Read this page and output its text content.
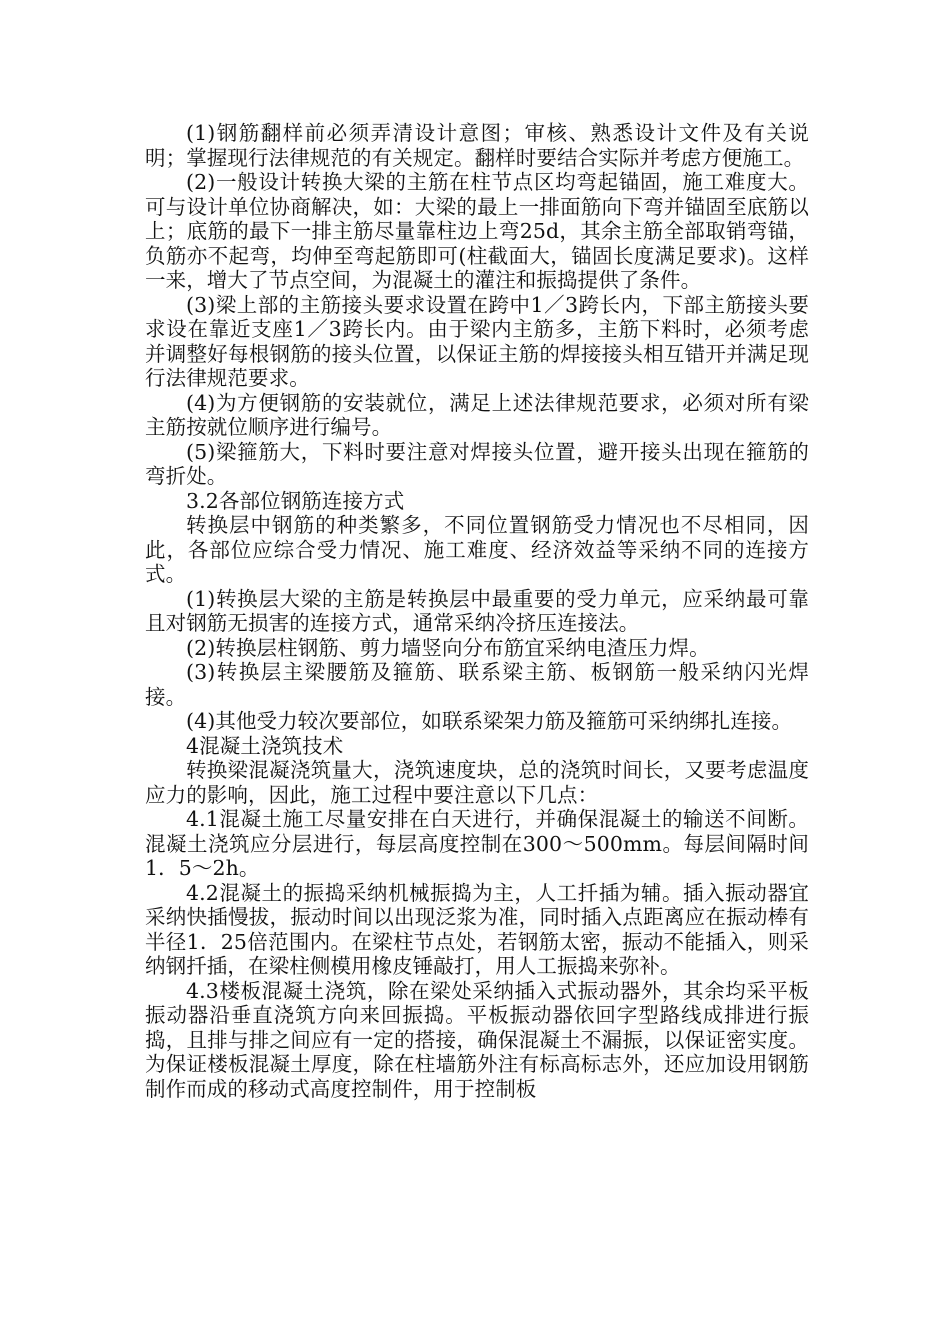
(1)钢筋翻样前必须弄清设计意图；审核、熟悉设计文件及有关说明；掌握现行法律规范的有关规定。翻样时要结合实际并考虑方便施工。

(2)一般设计转换大梁的主筋在柱节点区均弯起锚固，施工难度大。可与设计单位协商解决，如：大梁的最上一排面筋向下弯并锚固至底筋以上；底筋的最下一排主筋尽量靠柱边上弯25d，其余主筋全部取销弯锚，负筋亦不起弯，均伸至弯起筋即可(柱截面大，锚固长度满足要求)。这样一来，增大了节点空间，为混凝土的灌注和振捣提供了条件。

(3)梁上部的主筋接头要求设置在跨中1／3跨长内，下部主筋接头要求设在靠近支座1／3跨长内。由于梁内主筋多，主筋下料时，必须考虑并调整好每根钢筋的接头位置，以保证主筋的焊接接头相互错开并满足现行法律规范要求。

(4)为方便钢筋的安装就位，满足上述法律规范要求，必须对所有梁主筋按就位顺序进行编号。

(5)梁箍筋大，下料时要注意对焊接头位置，避开接头出现在箍筋的弯折处。

3.2各部位钢筋连接方式

转换层中钢筋的种类繁多，不同位置钢筋受力情况也不尽相同，因此，各部位应综合受力情况、施工难度、经济效益等采纳不同的连接方式。

(1)转换层大梁的主筋是转换层中最重要的受力单元，应采纳最可靠且对钢筋无损害的连接方式，通常采纳冷挤压连接法。

(2)转换层柱钢筋、剪力墙竖向分布筋宜采纳电渣压力焊。

(3)转换层主梁腰筋及箍筋、联系梁主筋、板钢筋一般采纳闪光焊接。

(4)其他受力较次要部位，如联系梁架力筋及箍筋可采纳绑扎连接。

4混凝土浇筑技术

转换梁混凝浇筑量大，浇筑速度块，总的浇筑时间长，又要考虑温度应力的影响，因此，施工过程中要注意以下几点：

4.1混凝土施工尽量安排在白天进行，并确保混凝土的输送不间断。混凝土浇筑应分层进行，每层高度控制在300～500mm。每层间隔时间1．5～2h。

4.2混凝土的振捣采纳机械振捣为主，人工扦插为辅。插入振动器宜采纳快插慢拔，振动时间以出现泛浆为准，同时插入点距离应在振动棒有半径1．25倍范围内。在梁柱节点处，若钢筋太密，振动不能插入，则采纳钢扦插，在梁柱侧模用橡皮锤敲打，用人工振捣来弥补。

4.3楼板混凝土浇筑，除在梁处采纳插入式振动器外，其余均采平板振动器沿垂直浇筑方向来回振捣。平板振动器依回字型路线成排进行振捣，且排与排之间应有一定的搭接，确保混凝土不漏振，以保证密实度。为保证楼板混凝土厚度，除在柱墙筋外注有标高标志外，还应加设用钢筋制作而成的移动式高度控制件，用于控制板
